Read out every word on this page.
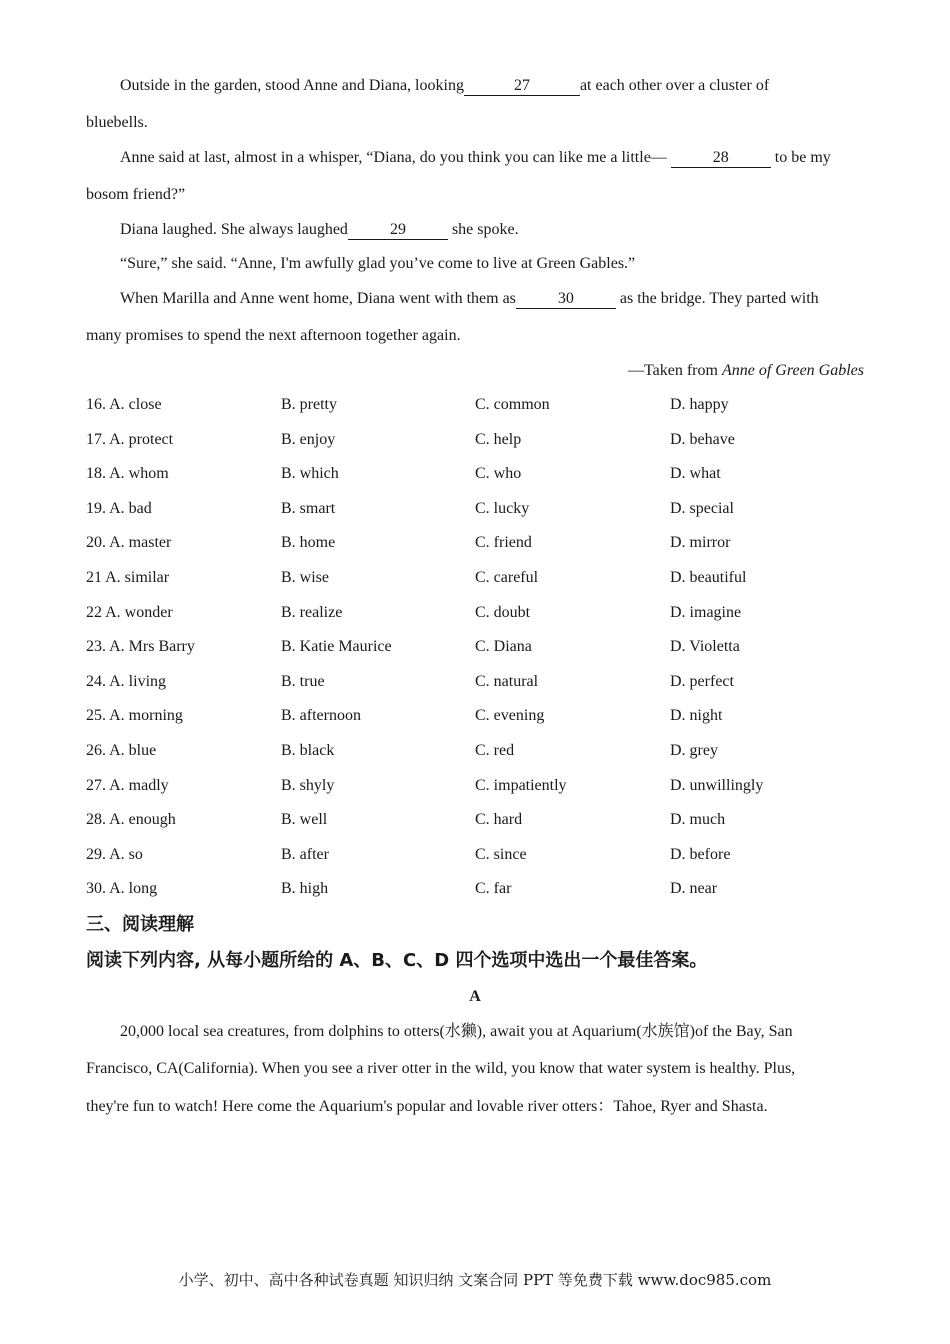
Outside in the garden, stood Anne and Diana, looking	27	at each other over a cluster of
bluebells.
Anne said at last, almost in a whisper, “Diana, do you think you can like me a little—	28	to be my
bosom friend?”
Diana laughed. She always laughed	29	she spoke.
“Sure,” she said. “Anne, I'm awfully glad you’ve come to live at Green Gables.”
When Marilla and Anne went home, Diana went with them as	30	as the bridge. They parted with
many promises to spend the next afternoon together again.
—Taken from Anne of Green Gables
16. A. close	B. pretty	C. common	D. happy
17. A. protect	B. enjoy	C. help	D. behave
18. A. whom	B. which	C. who	D. what
19. A. bad	B. smart	C. lucky	D. special
20. A. master	B. home	C. friend	D. mirror
21 A. similar	B. wise	C. careful	D. beautiful
22 A. wonder	B. realize	C. doubt	D. imagine
23. A. Mrs Barry	B. Katie Maurice	C. Diana	D. Violetta
24. A. living	B. true	C. natural	D. perfect
25. A. morning	B. afternoon	C. evening	D. night
26. A. blue	B. black	C. red	D. grey
27. A. madly	B. shyly	C. impatiently	D. unwillingly
28. A. enough	B. well	C. hard	D. much
29. A. so	B. after	C. since	D. before
30. A. long	B. high	C. far	D. near
三、阅读理解
阅读下列内容, 从每小题所给的 A、B、C、D 四个选项中选出一个最佳答案。
A
20,000 local sea creatures, from dolphins to otters(水獭), await you at Aquarium(水族馆)of the Bay, San
Francisco, CA(California). When you see a river otter in the wild, you know that water system is healthy. Plus,
they're fun to watch! Here come the Aquarium's popular and lovable river otters：Tahoe, Ryer and Shasta.
小学、初中、高中各种试卷真题 知识归纳 文案合同 PPT 等免费下载 www.doc985.com
